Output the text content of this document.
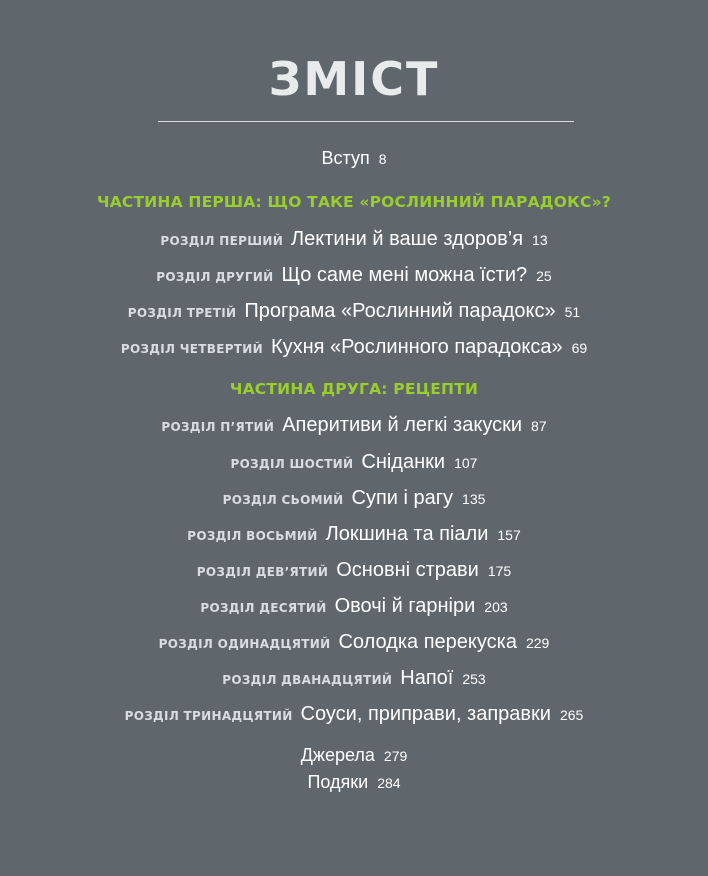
ЗМІСТ
Вступ 8
ЧАСТИНА ПЕРША: ЩО ТАКЕ «РОСЛИННИЙ ПАРАДОКС»?
РОЗДІЛ ПЕРШИЙ Лектини й ваше здоров’я 13
РОЗДІЛ ДРУГИЙ Що саме мені можна їсти? 25
РОЗДІЛ ТРЕТІЙ Програма «Рослинний парадокс» 51
РОЗДІЛ ЧЕТВЕРТИЙ Кухня «Рослинного парадокса» 69
ЧАСТИНА ДРУГА: РЕЦЕПТИ
РОЗДІЛ П’ЯТИЙ Аперитиви й легкі закуски 87
РОЗДІЛ ШОСТИЙ Сніданки 107
РОЗДІЛ СЬОМИЙ Супи і рагу 135
РОЗДІЛ ВОСЬМИЙ Локшина та піали 157
РОЗДІЛ ДЕВ’ЯТИЙ Основні страви 175
РОЗДІЛ ДЕСЯТИЙ Овочі й гарніри 203
РОЗДІЛ ОДИНАДЦЯТИЙ Солодка перекуска 229
РОЗДІЛ ДВАНАДЦЯТИЙ Напої 253
РОЗДІЛ ТРИНАДЦЯТИЙ Соуси, приправи, заправки 265
Джерела 279
Подяки 284
